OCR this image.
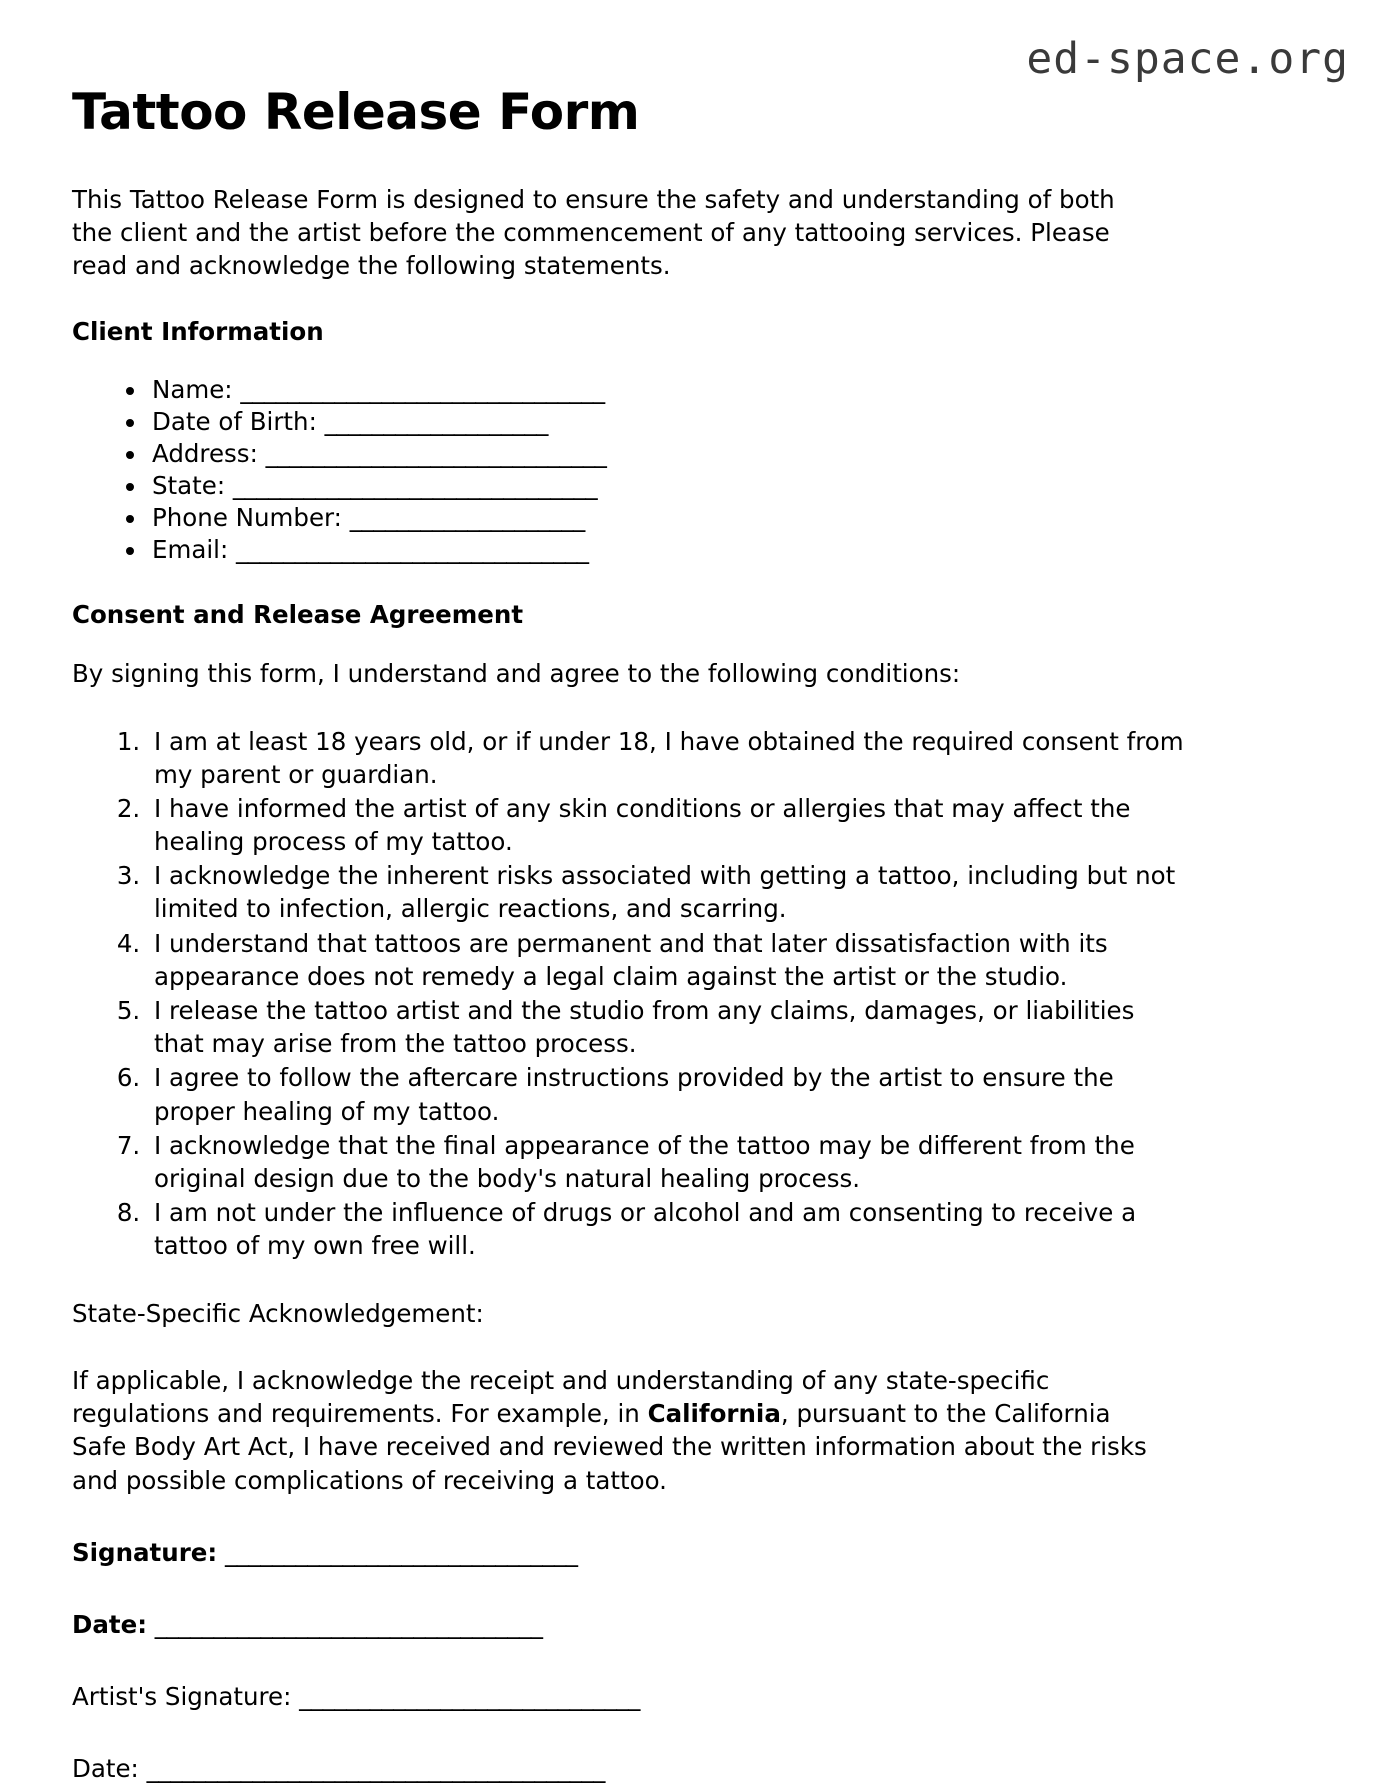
ed-space.org
Tattoo Release Form

This Tattoo Release Form is designed to ensure the safety and understanding of both the client and the artist before the commencement of any tattooing services. Please read and acknowledge the following statements.

Client Information
• Name: _______________________________
• Date of Birth: ___________________
• Address: _____________________________
• State: _______________________________
• Phone Number: ____________________
• Email: ______________________________
Consent and Release Agreement

By signing this form, I understand and agree to the following conditions:

1. I am at least 18 years old, or if under 18, I have obtained the required consent from my parent or guardian.
2. I have informed the artist of any skin conditions or allergies that may affect the healing process of my tattoo.
3. I acknowledge the inherent risks associated with getting a tattoo, including but not limited to infection, allergic reactions, and scarring.
4. I understand that tattoos are permanent and that later dissatisfaction with its appearance does not remedy a legal claim against the artist or the studio.
5. I release the tattoo artist and the studio from any claims, damages, or liabilities that may arise from the tattoo process.
6. I agree to follow the aftercare instructions provided by the artist to ensure the proper healing of my tattoo.
7. I acknowledge that the final appearance of the tattoo may be different from the original design due to the body's natural healing process.
8. I am not under the influence of drugs or alcohol and am consenting to receive a tattoo of my own free will.

State-Specific Acknowledgement:

If applicable, I acknowledge the receipt and understanding of any state-specific regulations and requirements. For example, in California, pursuant to the California Safe Body Art Act, I have received and reviewed the written information about the risks and possible complications of receiving a tattoo.

Signature: ______________________________
Date: _________________________________
Artist's Signature: _____________________________
Date: _______________________________________
